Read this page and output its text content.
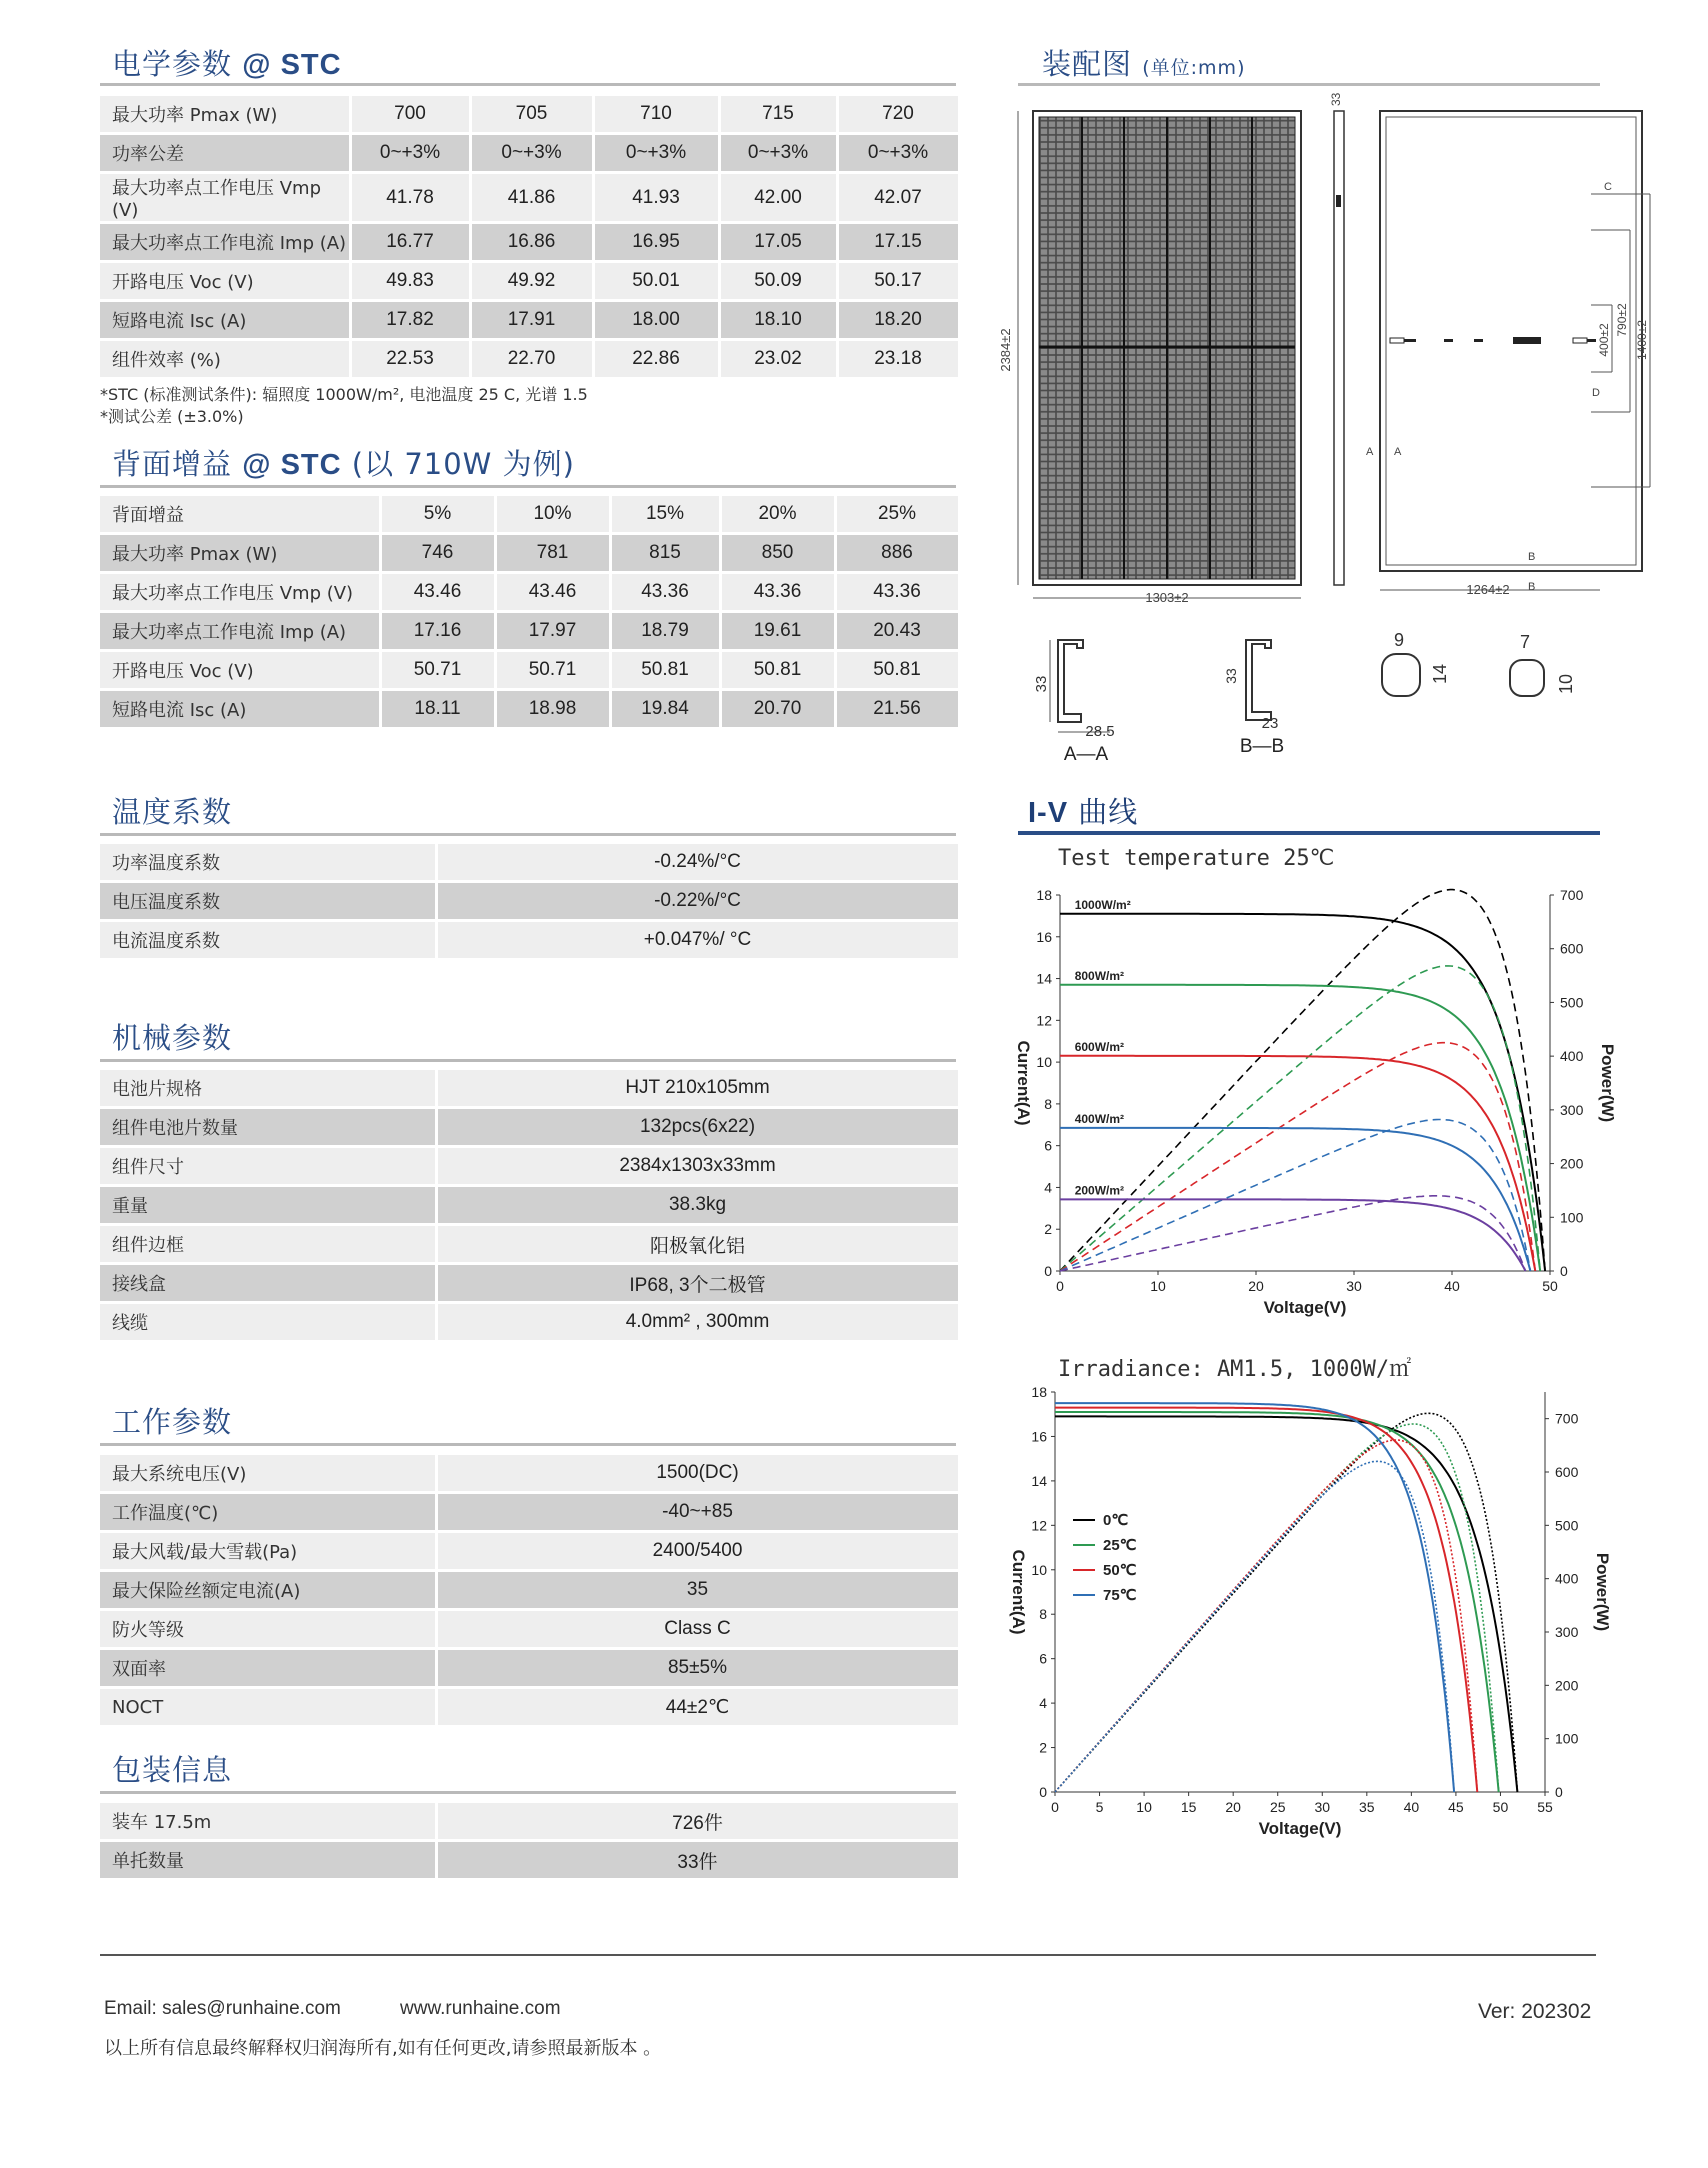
电学参数 @ STC
最大功率 Pmax (W)	700	705	710	715	720
功率公差	0~+3%	0~+3%	0~+3%	0~+3%	0~+3%
最大功率点工作电压 Vmp (V)	41.78	41.86	41.93	42.00	42.07
最大功率点工作电流 Imp (A)	16.77	16.86	16.95	17.05	17.15
开路电压 Voc (V)	49.83	49.92	50.01	50.09	50.17
短路电流 Isc (A)	17.82	17.91	18.00	18.10	18.20
组件效率 (%)	22.53	22.70	22.86	23.02	23.18
*STC (标准测试条件): 辐照度 1000W/m², 电池温度 25 C, 光谱 1.5
*测试公差 (±3.0%)
背面增益 @ STC (以 710W 为例)
背面增益	5%	10%	15%	20%	25%
最大功率 Pmax (W)	746	781	815	850	886
最大功率点工作电压 Vmp (V)	43.46	43.46	43.36	43.36	43.36
最大功率点工作电流 Imp (A)	17.16	17.97	18.79	19.61	20.43
开路电压 Voc (V)	50.71	50.71	50.81	50.81	50.81
短路电流 Isc (A)	18.11	18.98	19.84	20.70	21.56
温度系数
功率温度系数	-0.24%/°C
电压温度系数	-0.22%/°C
电流温度系数	+0.047%/ °C
机械参数
电池片规格	HJT 210x105mm
组件电池片数量	132pcs(6x22)
组件尺寸	2384x1303x33mm
重量	38.3kg
组件边框	阳极氧化铝
接线盒	IP68, 3个二极管
线缆	4.0mm² , 300mm
工作参数
最大系统电压(V)	1500(DC)
工作温度(℃)	-40~+85
最大风载/最大雪载(Pa)	2400/5400
最大保险丝额定电流(A)	35
防火等级	Class C
双面率	85±5%
NOCT	44±2℃
包装信息
装车 17.5m	726件
单托数量	33件
装配图 (单位:mm)
2384±2
1303±2
33
400±2
790±2
1400±2
C
D
A A
B
B
1264±2
33
28.5
A—A
33
23
B—B
9
14
7
10
I-V 曲线
Test temperature 25℃
0	10	20	30	40	50
0
2
4
6
8
10
12
14
16
18
0
100
200
300
400
500
600
700
Voltage(V)
Current(A)	Power(W)
1000W/m²
800W/m²
600W/m²
400W/m²
200W/m²
Irradiance: AM1.5, 1000W/㎡
0	5 10 15 20 25 30 35 40 45 50 55
0
2
4
6
8
10
12
14
16
18
0
100
200
300
400
500
600
700
Voltage(V)
Current(A)	Power(W)
0℃
25℃
50℃
75℃
Email: sales@runhaine.com	www.runhaine.com	Ver: 202302
以上所有信息最终解释权归润海所有,如有任何更改,请参照最新版本 。
